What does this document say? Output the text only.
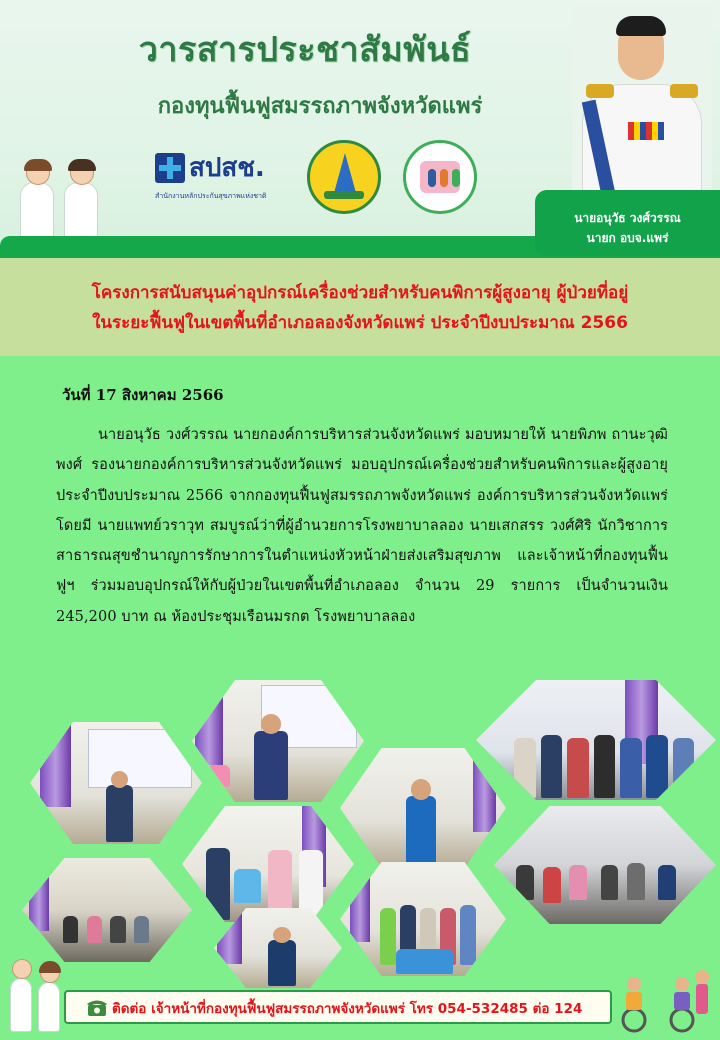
วารสารประชาสัมพันธ์
กองทุนฟื้นฟูสมรรถภาพจังหวัดแพร่
สปสช.
สำนักงานหลักประกันสุขภาพแห่งชาติ
นายอนุวัธ วงศ์วรรณ
นายก อบจ.แพร่
โครงการสนับสนุนค่าอุปกรณ์เครื่องช่วยสำหรับคนพิการผู้สูงอายุ ผู้ป่วยที่อยู่
ในระยะฟื้นฟูในเขตพื้นที่อำเภอลองจังหวัดแพร่ ประจำปีงบประมาณ 2566
วันที่ 17 สิงหาคม 2566
นายอนุวัธ วงศ์วรรณ นายกองค์การบริหารส่วนจังหวัดแพร่ มอบหมายให้ นายพิภพ ถานะวุฒิพงศ์ รองนายกองค์การบริหารส่วนจังหวัดแพร่ มอบอุปกรณ์เครื่องช่วยสำหรับคนพิการและผู้สูงอายุ ประจำปีงบประมาณ 2566 จากกองทุนฟื้นฟูสมรรถภาพจังหวัดแพร่ องค์การบริหารส่วนจังหวัดแพร่ โดยมี นายแพทย์วราวุท สมบูรณ์ว่าที่ผู้อำนวยการโรงพยาบาลลอง นายเสกสรร วงศ์ศิริ นักวิชาการสาธารณสุขชำนาญการรักษาการในตำแหน่งหัวหน้าฝ่ายส่งเสริมสุขภาพ และเจ้าหน้าที่กองทุนฟื้นฟูฯ ร่วมมอบอุปกรณ์ให้กับผู้ป่วยในเขตพื้นที่อำเภอลอง จำนวน 29 รายการ เป็นจำนวนเงิน 245,200 บาท ณ ห้องประชุมเรือนมรกต โรงพยาบาลลอง
ติดต่อ เจ้าหน้าที่กองทุนฟื้นฟูสมรรถภาพจังหวัดแพร่ โทร 054-532485 ต่อ 124
